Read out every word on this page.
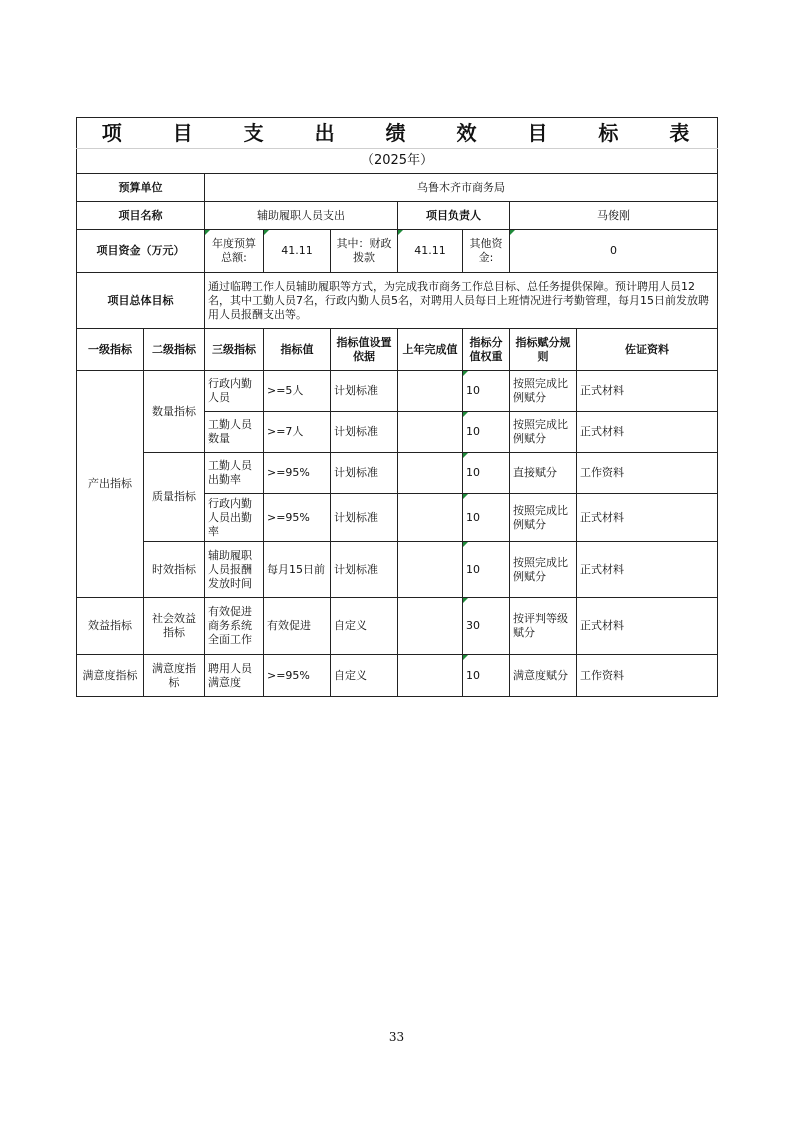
项 目 支 出 绩 效 目 标 表								
（2025年）								
预算单位		乌鲁木齐市商务局						
项目名称		辅助履职人员支出			项目负责人		马俊刚	
项目资金（万元）		年度预算总额:	41.11	其中：财政拨款	41.11	其他资金:	0	
项目总体目标		通过临聘工作人员辅助履职等方式，为完成我市商务工作总目标、总任务提供保障。预计聘用人员12名，其中工勤人员7名，行政内勤人员5名，对聘用人员每日上班情况进行考勤管理，每月15日前发放聘用人员报酬支出等。						
一级指标	二级指标	三级指标	指标值	指标值设置依据	上年完成值	指标分值权重	指标赋分规则	佐证资料
产出指标	数量指标	行政内勤人员	>=5人	计划标准		10	按照完成比例赋分	正式材料
		工勤人员数量	>=7人	计划标准		10	按照完成比例赋分	正式材料
	质量指标	工勤人员出勤率	>=95%	计划标准		10	直接赋分	工作资料
		行政内勤人员出勤率	>=95%	计划标准		10	按照完成比例赋分	正式材料
	时效指标	辅助履职人员报酬发放时间	每月15日前	计划标准		10	按照完成比例赋分	正式材料
效益指标	社会效益指标	有效促进商务系统全面工作	有效促进	自定义		30	按评判等级赋分	正式材料
满意度指标	满意度指标	聘用人员满意度	>=95%	自定义		10	满意度赋分	工作资料
33
